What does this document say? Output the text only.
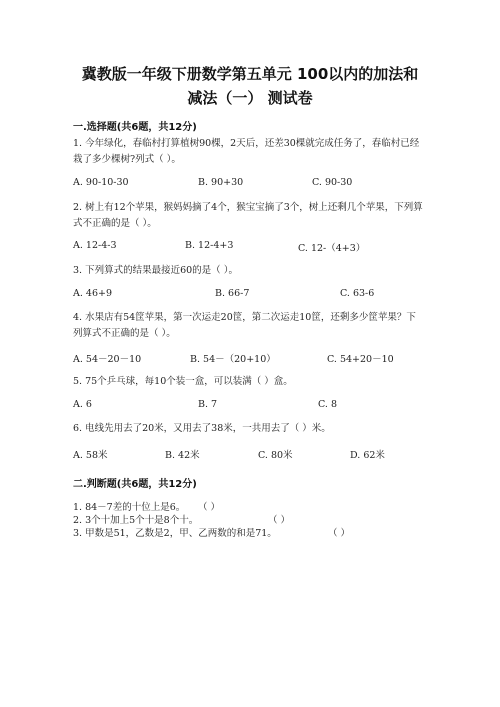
冀教版一年级下册数学第五单元 100以内的加法和
减法（一） 测试卷
一.选择题(共6题，共12分)
1. 今年绿化，春临村打算植树90棵，2天后，还差30棵就完成任务了，春临村已经栽了多少棵树?列式（ ）。
A. 90-10-30	B. 90+30	C. 90-30
2. 树上有12个苹果，猴妈妈摘了4个，猴宝宝摘了3个，树上还剩几个苹果，下列算式不正确的是（ ）。
A. 12-4-3	B. 12-4+3	C. 12-（4+3）
3. 下列算式的结果最接近60的是（ ）。
A. 46+9	B. 66-7	C. 63-6
4. 水果店有54筐苹果，第一次运走20筐，第二次运走10筐，还剩多少筐苹果？下列算式不正确的是（ ）。
A. 54－20－10	B. 54－（20+10）	C. 54+20－10
5. 75个乒乓球，每10个装一盒，可以装满（ ）盒。
A. 6	B. 7	C. 8
6. 电线先用去了20米，又用去了38米，一共用去了（ ）米。
A. 58米	B. 42米	C. 80米	D. 62米
二.判断题(共6题，共12分)
1. 84－7差的十位上是6。 （ ）
2. 3个十加上5个十是8个十。	（ ）
3. 甲数是51，乙数是2，甲、乙两数的和是71。	（ ）
